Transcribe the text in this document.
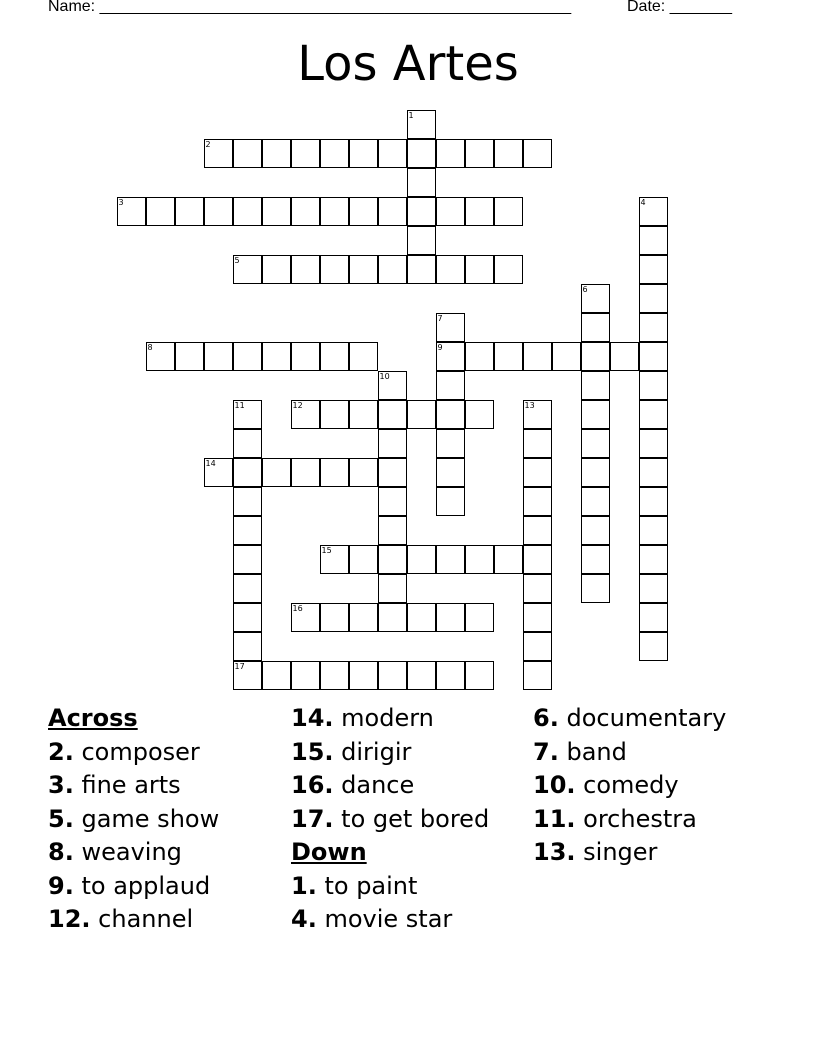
Name: _____________________________________________________	Date: _______
Los Artes
1
2
3	4
5
6
7
8	9
10
11	12	13
14
15
16
17
Across
2. composer
3. fine arts
5. game show
8. weaving
9. to applaud
12. channel
14. modern
15. dirigir
16. dance
17. to get bored
Down
1. to paint
4. movie star
6. documentary
7. band
10. comedy
11. orchestra
13. singer
